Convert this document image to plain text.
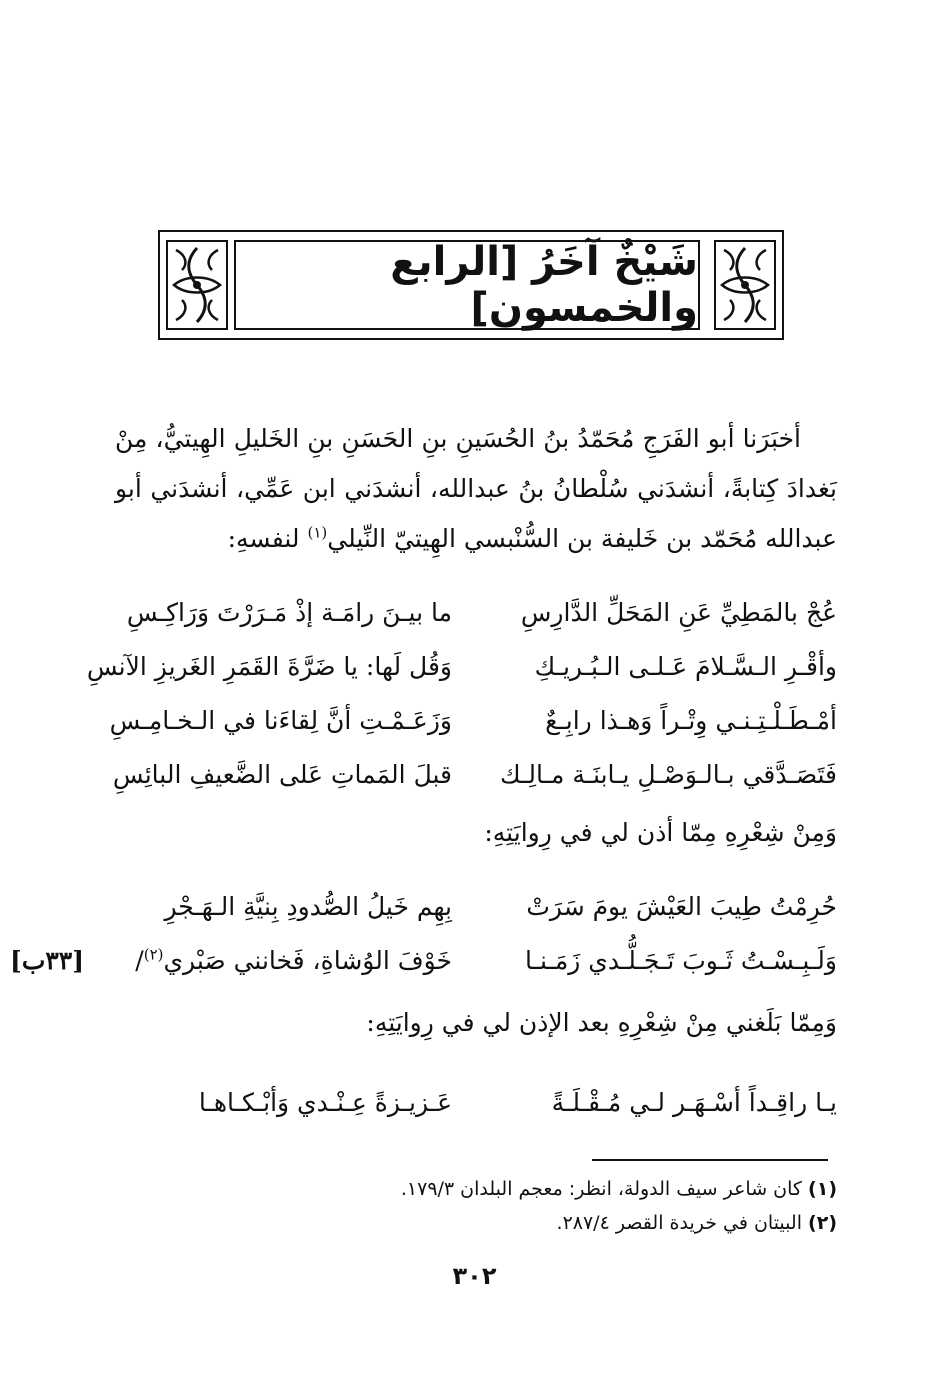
شَيْخٌ آخَرُ [الرابع والخمسون]

أخبَرَنا أبو الفَرَجِ مُحَمّدُ بنُ الحُسَينِ بنِ الحَسَنِ بنِ الخَليلِ الهِيتيُّ، مِنْ بَغدادَ كِتابةً، أنشدَني سُلْطانُ بنُ عبدالله، أنشدَني ابن عَمِّي، أنشدَني أبو عبدالله مُحَمّد بن خَليفة بن السُّنْبسي الهِيتيّ النِّيلي$^{(١)}$ لنفسهِ:

عُجْ بالمَطِيِّ عَنِ المَحَلِّ الدَّارِسِ
ما بيـنَ رامَـة إذْ مَـرَرْتَ وَرَاكِـسِ
وأقْـرِ الـسَّـلامَ عَـلـى الـبُـريـكِ
وَقُل لَها: يا ضَرَّةَ القَمَرِ الغَريزِ الآنسِ
أمْـطَـلْـتِـنـي وِتْـراً وَهـذا رابِـعٌ
وَزَعَـمْـتِ أنَّ لِقاءَنا في الـخـامِـسِ
فَتَصَـدَّقي بـالـوَصْـلِ يـابنَـة مـالِـك
قبلَ المَماتِ عَلى الضَّعيفِ البائِسِ
وَمِنْ شِعْرِهِ مِمّا أذن لي في رِوايَتِهِ:
حُرِمْتُ طِيبَ العَيْشَ يومَ سَرَتْ
بِهِم خَيلُ الصُّدودِ بِنيَّةِ الـهَـجْرِ
وَلَـبِـسْـتُ ثَـوبَ تَـجَـلُّـدي زَمَـنـا
خَوْفَ الوُشاةِ، فَخانني صَبْري$^{(٢)}$/
[٣٣ب]
وَمِمّا بَلَغني مِنْ شِعْرِهِ بعد الإذن لي في رِوايَتِهِ:
يـا راقِـداً أسْـهَـر لـي مُـقْـلَـةً
عَـزيـزةً عِـنْـدي وَأبْـكـاهـا
(١) كان شاعر سيف الدولة، انظر: معجم البلدان ١٧٩/٣.
(٢) البيتان في خريدة القصر ٢٨٧/٤.
٣٠٢
